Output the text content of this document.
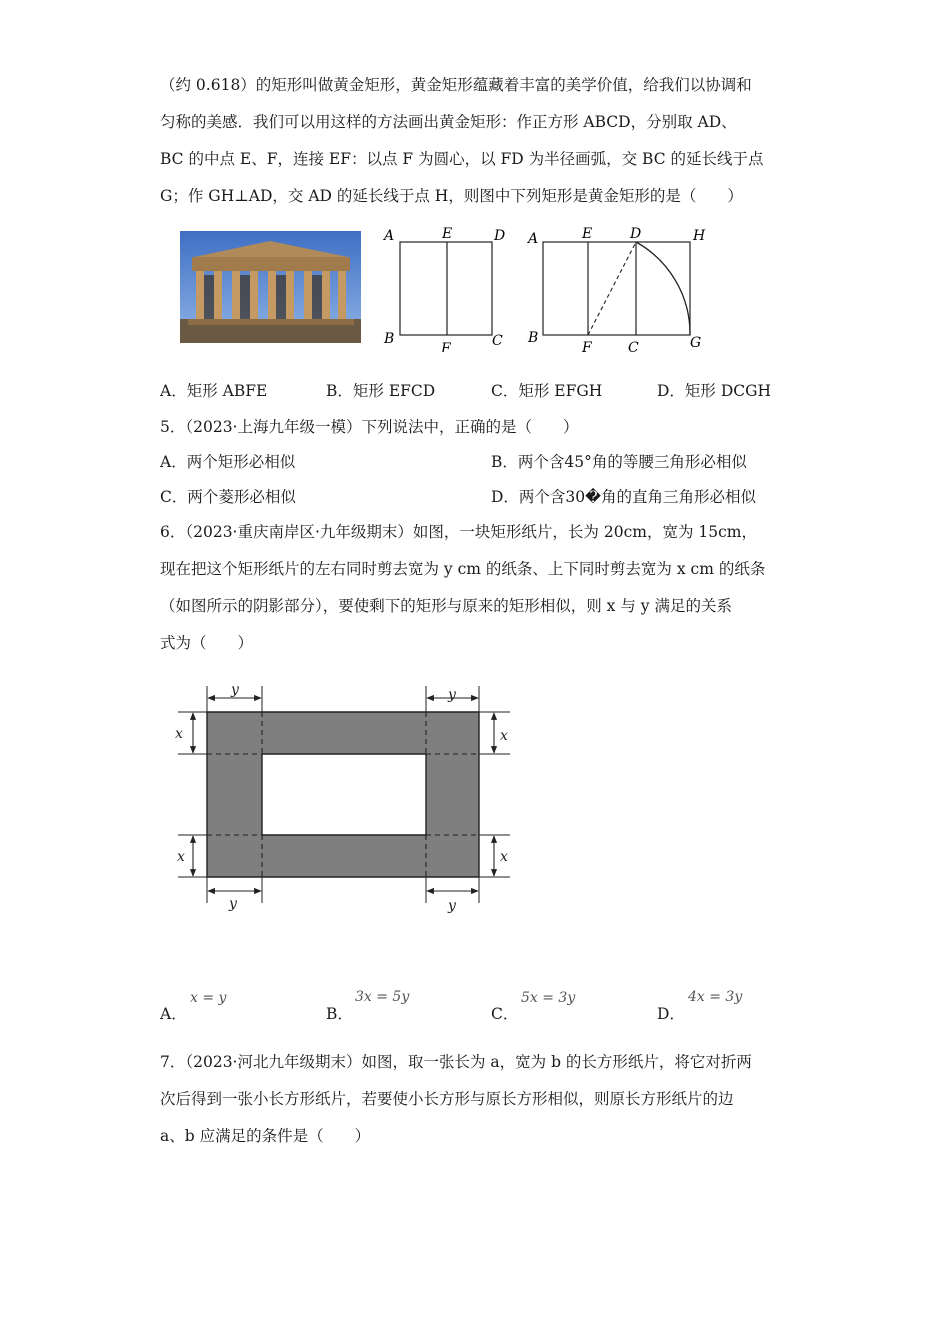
（约 0.618）的矩形叫做黄金矩形，黄金矩形蕴藏着丰富的美学价值，给我们以协调和
匀称的美感．我们可以用这样的方法画出黄金矩形：作正方形 ABCD，分别取 AD、
BC 的中点 E、F，连接 EF：以点 F 为圆心，以 FD 为半径画弧，交 BC 的延长线于点
G；作 GH⊥AD，交 AD 的延长线于点 H，则图中下列矩形是黄金矩形的是（　　）
A	E	D
B
F	C
A	E	D	H
B
F	C	G
A．矩形 ABFE	B．矩形 EFCD	C．矩形 EFGH	D．矩形 DCGH
5．（2023·上海九年级一模）下列说法中，正确的是（　　）
A．两个矩形必相似	B．两个含45°角的等腰三角形必相似
C．两个菱形必相似	D．两个含30�角的直角三角形必相似
6．（2023·重庆南岸区·九年级期末）如图，一块矩形纸片，长为 20cm，宽为 15cm，
现在把这个矩形纸片的左右同时剪去宽为 y cm 的纸条、上下同时剪去宽为 x cm 的纸条
（如图所示的阴影部分），要使剩下的矩形与原来的矩形相似，则 x 与 y 满足的关系
式为（　　）
y	y
y	y
x
x
x
x
A．
x = y
B．
3x = 5y
C．
5x = 3y
D．
4x = 3y
7．（2023·河北九年级期末）如图，取一张长为 a，宽为 b 的长方形纸片，将它对折两
次后得到一张小长方形纸片，若要使小长方形与原长方形相似，则原长方形纸片的边
a、b 应满足的条件是（　　）
